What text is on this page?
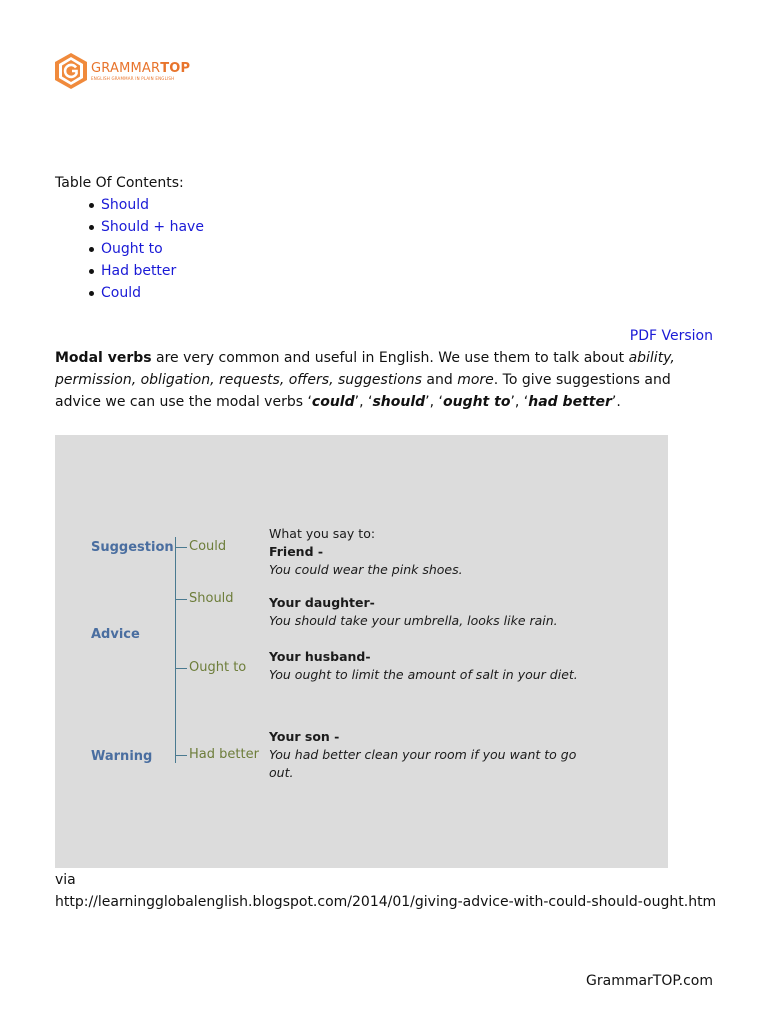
GRAMMARTOP
ENGLISH GRAMMAR IN PLAIN ENGLISH
Table Of Contents:
Should
Should + have
Ought to
Had better
Could
PDF Version

Modal verbs are very common and useful in English. We use them to talk about ability, permission, obligation, requests, offers, suggestions and more. To give suggestions and advice we can use the modal verbs ‘could’, ‘should’, ‘ought to’, ‘had better’.

Suggestion
Advice
Warning
Could
Should
Ought to
Had better
What you say to:
Friend -
You could wear the pink shoes.
Your daughter-
You should take your umbrella, looks like rain.
Your husband-
You ought to limit the amount of salt in your diet.
Your son -
You had better clean your room if you want to go out.

via
http://learningglobalenglish.blogspot.com/2014/01/giving-advice-with-could-should-ought.htm

GrammarTOP.com
